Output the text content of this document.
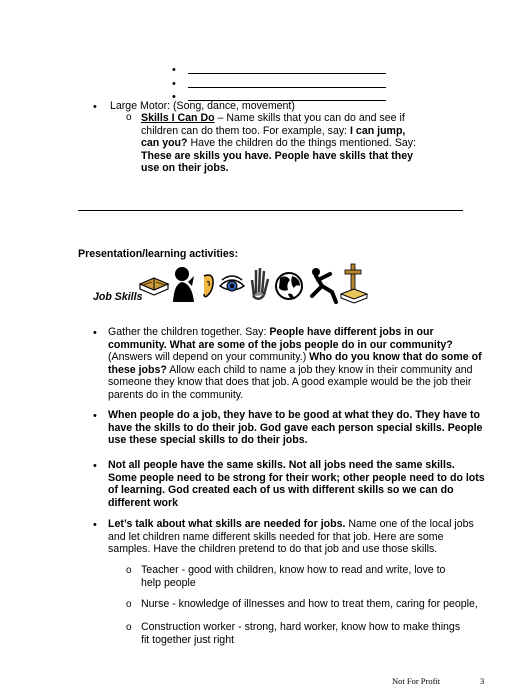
•
•
•
• Large Motor: (Song, dance, movement)
o Skills I Can Do – Name skills that you can do and see if children can do them too. For example, say: I can jump, can you? Have the children do the things mentioned. Say: These are skills you have. People have skills that they use on their jobs.
Presentation/learning activities:
Job Skills
• Gather the children together. Say: People have different jobs in our community. What are some of the jobs people do in our community? (Answers will depend on your community.) Who do you know that do some of these jobs? Allow each child to name a job they know in their community and someone they know that does that job. A good example would be the job their parents do in the community.
• When people do a job, they have to be good at what they do. They have to have the skills to do their job. God gave each person special skills. People use these special skills to do their jobs.
• Not all people have the same skills. Not all jobs need the same skills. Some people need to be strong for their work; other people need to do lots of learning. God created each of us with different skills so we can do different work
• Let’s talk about what skills are needed for jobs. Name one of the local jobs and let children name different skills needed for that job. Here are some samples. Have the children pretend to do that job and use those skills.
o Teacher - good with children, know how to read and write, love to help people
o Nurse - knowledge of illnesses and how to treat them, caring for people,
o Construction worker - strong, hard worker, know how to make things fit together just right
Not For Profit	3
